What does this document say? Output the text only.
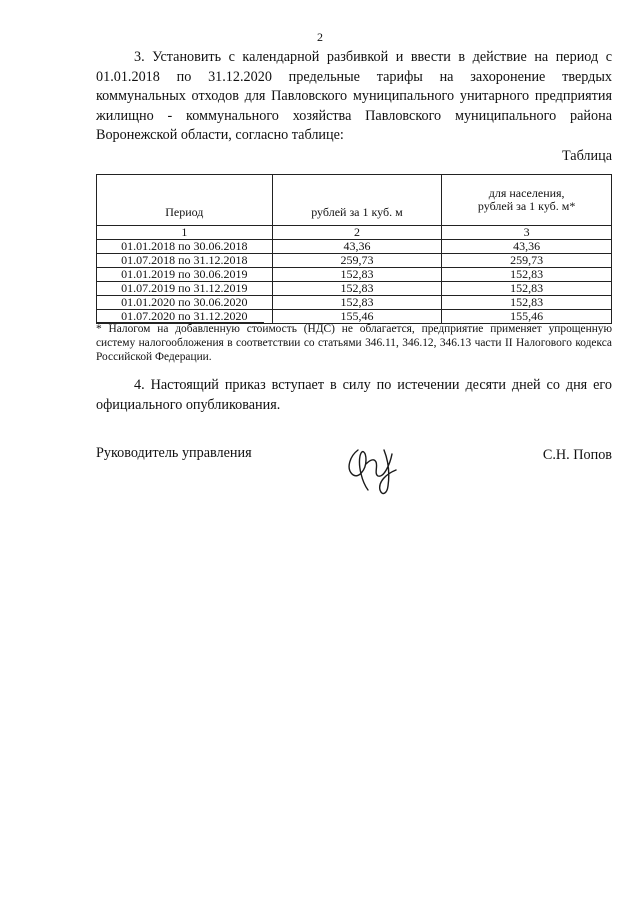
2

3. Установить с календарной разбивкой и ввести в действие на период с 01.01.2018 по 31.12.2020 предельные тарифы на захоронение твердых коммунальных отходов для Павловского муниципального унитарного предприятия жилищно - коммунального хозяйства Павловского муниципального района Воронежской области, согласно таблице:

Таблица
Период	рублей за 1 куб. м	для населения,
рублей за 1 куб. м*

1	2	3
01.01.2018 по 30.06.2018	43,36	43,36
01.07.2018 по 31.12.2018	259,73	259,73
01.01.2019 по 30.06.2019	152,83	152,83
01.07.2019 по 31.12.2019	152,83	152,83
01.01.2020 по 30.06.2020	152,83	152,83
01.07.2020 по 31.12.2020	155,46	155,46
* Налогом на добавленную стоимость (НДС) не облагается, предприятие применяет упрощенную систему налогообложения в соответствии со статьями 346.11, 346.12, 346.13 части II Налогового кодекса Российской Федерации.

4. Настоящий приказ вступает в силу по истечении десяти дней со дня его официального опубликования.

Руководитель управления	С.Н. Попов
